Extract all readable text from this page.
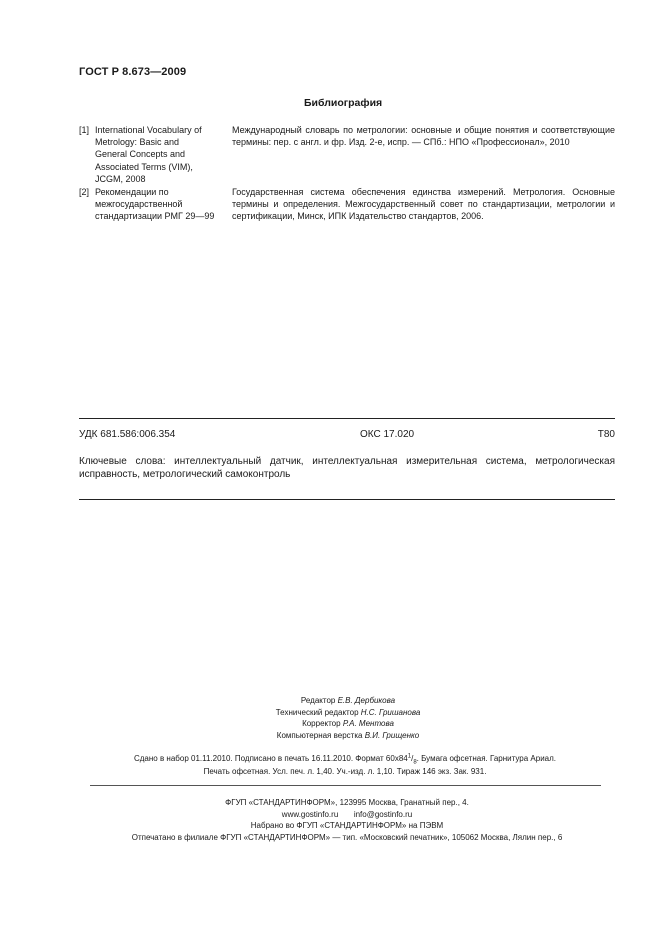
ГОСТ Р 8.673—2009
Библиография
[1] International Vocabulary of
Metrology: Basic and
General Concepts and
Associated Terms (VIM),
JCGM, 2008
Международный словарь по метрологии: основные и общие понятия и соответствующие термины: пер. с англ. и фр. Изд. 2-е, испр. — СПб.: НПО «Профессионал», 2010
[2] Рекомендации по
межгосударственной
стандартизации РМГ 29—99
Государственная система обеспечения единства измерений. Метрология. Основные термины и определения. Межгосударственный совет по стандартизации, метрологии и сертификации, Минск, ИПК Издательство стандартов, 2006.
УДК 681.586:006.354	ОКС 17.020	Т80
Ключевые слова: интеллектуальный датчик, интеллектуальная измерительная система, метрологическая исправность, метрологический самоконтроль
Редактор Е.В. Дербикова
Технический редактор Н.С. Гришанова
Корректор Р.А. Ментова
Компьютерная верстка В.И. Грищенко
Сдано в набор 01.11.2010. Подписано в печать 16.11.2010. Формат $60х84^1/_8$. Бумага офсетная. Гарнитура Ариал.
Печать офсетная. Усл. печ. л. 1,40. Уч.-изд. л. 1,10. Тираж 146 экз. Зак. 931.
ФГУП «СТАНДАРТИНФОРМ», 123995 Москва, Гранатный пер., 4.
www.gostinfo.ru info@gostinfo.ru
Набрано во ФГУП «СТАНДАРТИНФОРМ» на ПЭВМ
Отпечатано в филиале ФГУП «СТАНДАРТИНФОРМ» — тип. «Московский печатник», 105062 Москва, Лялин пер., 6
